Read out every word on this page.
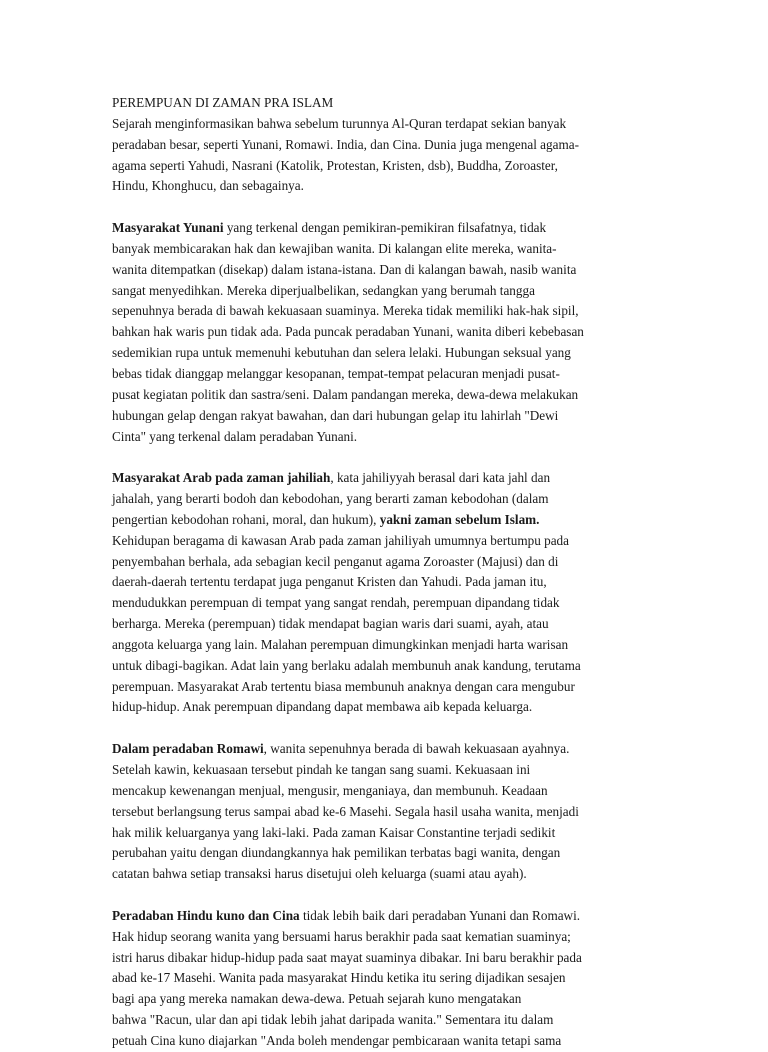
PEREMPUAN DI ZAMAN PRA ISLAM
Sejarah menginformasikan bahwa sebelum turunnya Al-Quran terdapat sekian banyak
peradaban besar, seperti Yunani, Romawi. India, dan Cina. Dunia juga mengenal agama-
agama seperti Yahudi, Nasrani (Katolik, Protestan, Kristen, dsb), Buddha, Zoroaster,
Hindu, Khonghucu, dan sebagainya.
Masyarakat Yunani yang terkenal dengan pemikiran-pemikiran filsafatnya, tidak
banyak membicarakan hak dan kewajiban wanita. Di kalangan elite mereka, wanita-
wanita ditempatkan (disekap) dalam istana-istana. Dan di kalangan bawah, nasib wanita
sangat menyedihkan. Mereka diperjualbelikan, sedangkan yang berumah tangga
sepenuhnya berada di bawah kekuasaan suaminya. Mereka tidak memiliki hak-hak sipil,
bahkan hak waris pun tidak ada. Pada puncak peradaban Yunani, wanita diberi kebebasan
sedemikian rupa untuk memenuhi kebutuhan dan selera lelaki. Hubungan seksual yang
bebas tidak dianggap melanggar kesopanan, tempat-tempat pelacuran menjadi pusat-
pusat kegiatan politik dan sastra/seni. Dalam pandangan mereka, dewa-dewa melakukan
hubungan gelap dengan rakyat bawahan, dan dari hubungan gelap itu lahirlah "Dewi
Cinta" yang terkenal dalam peradaban Yunani.
Masyarakat Arab pada zaman jahiliah, kata jahiliyyah berasal dari kata jahl dan
jahalah, yang berarti bodoh dan kebodohan, yang berarti zaman kebodohan (dalam
pengertian kebodohan rohani, moral, dan hukum), yakni zaman sebelum Islam.
Kehidupan beragama di kawasan Arab pada zaman jahiliyah umumnya bertumpu pada
penyembahan berhala, ada sebagian kecil penganut agama Zoroaster (Majusi) dan di
daerah-daerah tertentu terdapat juga penganut Kristen dan Yahudi. Pada jaman itu,
mendudukkan perempuan di tempat yang sangat rendah, perempuan dipandang tidak
berharga. Mereka (perempuan) tidak mendapat bagian waris dari suami, ayah, atau
anggota keluarga yang lain. Malahan perempuan dimungkinkan menjadi harta warisan
untuk dibagi-bagikan. Adat lain yang berlaku adalah membunuh anak kandung, terutama
perempuan. Masyarakat Arab tertentu biasa membunuh anaknya dengan cara mengubur
hidup-hidup. Anak perempuan dipandang dapat membawa aib kepada keluarga.
Dalam peradaban Romawi, wanita sepenuhnya berada di bawah kekuasaan ayahnya.
Setelah kawin, kekuasaan tersebut pindah ke tangan sang suami. Kekuasaan ini
mencakup kewenangan menjual, mengusir, menganiaya, dan membunuh. Keadaan
tersebut berlangsung terus sampai abad ke-6 Masehi. Segala hasil usaha wanita, menjadi
hak milik keluarganya yang laki-laki. Pada zaman Kaisar Constantine terjadi sedikit
perubahan yaitu dengan diundangkannya hak pemilikan terbatas bagi wanita, dengan
catatan bahwa setiap transaksi harus disetujui oleh keluarga (suami atau ayah).
Peradaban Hindu kuno dan Cina tidak lebih baik dari peradaban Yunani dan Romawi.
Hak hidup seorang wanita yang bersuami harus berakhir pada saat kematian suaminya;
istri harus dibakar hidup-hidup pada saat mayat suaminya dibakar. Ini baru berakhir pada
abad ke-17 Masehi. Wanita pada masyarakat Hindu ketika itu sering dijadikan sesajen
bagi apa yang mereka namakan dewa-dewa. Petuah sejarah kuno mengatakan
bahwa "Racun, ular dan api tidak lebih jahat daripada wanita." Sementara itu dalam
petuah Cina kuno diajarkan "Anda boleh mendengar pembicaraan wanita tetapi sama
